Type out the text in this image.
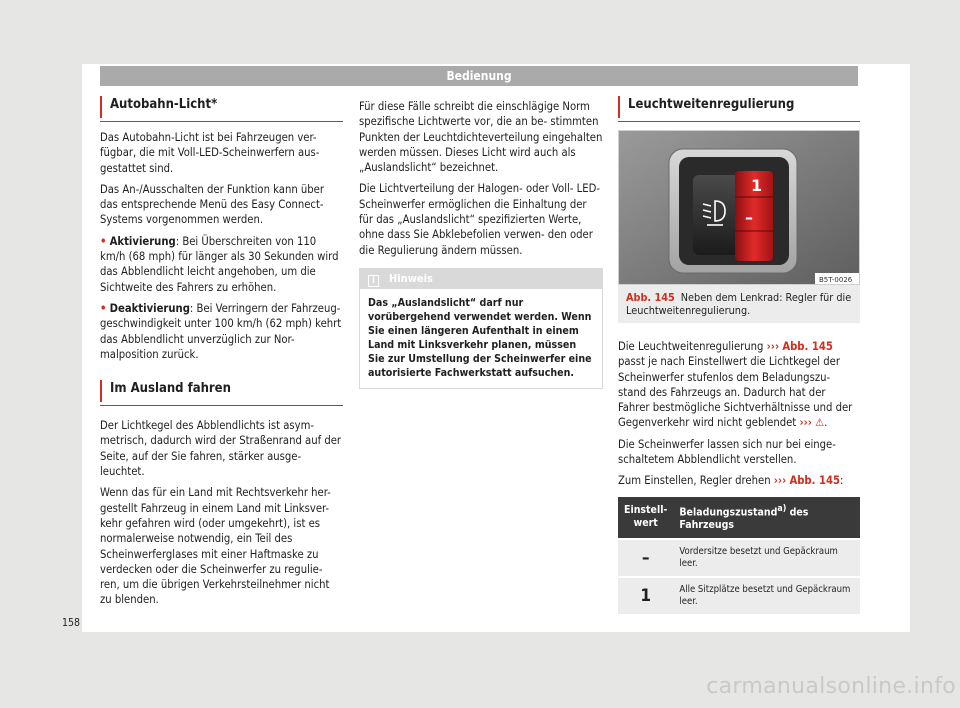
Bedienung
Autobahn-Licht*

Das Autobahn-Licht ist bei Fahrzeugen ver- fügbar, die mit Voll-LED-Scheinwerfern aus- gestattet sind.

Das An-/Ausschalten der Funktion kann über das entsprechende Menü des Easy Connect- Systems vorgenommen werden.

• Aktivierung: Bei Überschreiten von 110 km/h (68 mph) für länger als 30 Sekunden wird das Abblendlicht leicht angehoben, um die Sichtweite des Fahrers zu erhöhen.

• Deaktivierung: Bei Verringern der Fahrzeug- geschwindigkeit unter 100 km/h (62 mph) kehrt das Abblendlicht unverzüglich zur Nor- malposition zurück.

Im Ausland fahren

Der Lichtkegel des Abblendlichts ist asym- metrisch, dadurch wird der Straßenrand auf der Seite, auf der Sie fahren, stärker ausge- leuchtet.

Wenn das für ein Land mit Rechtsverkehr her- gestellt Fahrzeug in einem Land mit Linksver- kehr gefahren wird (oder umgekehrt), ist es normalerweise notwendig, ein Teil des Scheinwerferglases mit einer Haftmaske zu verdecken oder die Scheinwerfer zu regulie- ren, um die übrigen Verkehrsteilnehmer nicht zu blenden.

Für diese Fälle schreibt die einschlägige Norm spezifische Lichtwerte vor, die an be- stimmten Punkten der Leuchtdichteverteilung eingehalten werden müssen. Dieses Licht wird auch als „Auslandslicht“ bezeichnet.

Die Lichtverteilung der Halogen- oder Voll- LED-Scheinwerfer ermöglichen die Einhaltung der für das „Auslandslicht“ spezifizierten Werte, ohne dass Sie Abklebefolien verwen- den oder die Regulierung ändern müssen.

i Hinweis
Das „Auslandslicht“ darf nur vorübergehend verwendet werden. Wenn Sie einen längeren Aufenthalt in einem Land mit Linksverkehr planen, müssen Sie zur Umstellung der Scheinwerfer eine autorisierte Fachwerkstatt aufsuchen.
Leuchtweitenregulierung
1
–
B5T-0026
Abb. 145 Neben dem Lenkrad: Regler für die Leuchtweitenregulierung.

Die Leuchtweitenregulierung ››› Abb. 145 passt je nach Einstellwert die Lichtkegel der Scheinwerfer stufenlos dem Beladungszu- stand des Fahrzeugs an. Dadurch hat der Fahrer bestmögliche Sichtverhältnisse und der Gegenverkehr wird nicht geblendet ››› ⚠.

Die Scheinwerfer lassen sich nur bei einge- schaltetem Abblendlicht verstellen.

Zum Einstellen, Regler drehen ››› Abb. 145:

Einstell- wert	Beladungszustand$^{a)}$ des Fahrzeugs
–	Vordersitze besetzt und Gepäckraum leer.
1	Alle Sitzplätze besetzt und Gepäckraum leer.
158
carmanualsonline.info
